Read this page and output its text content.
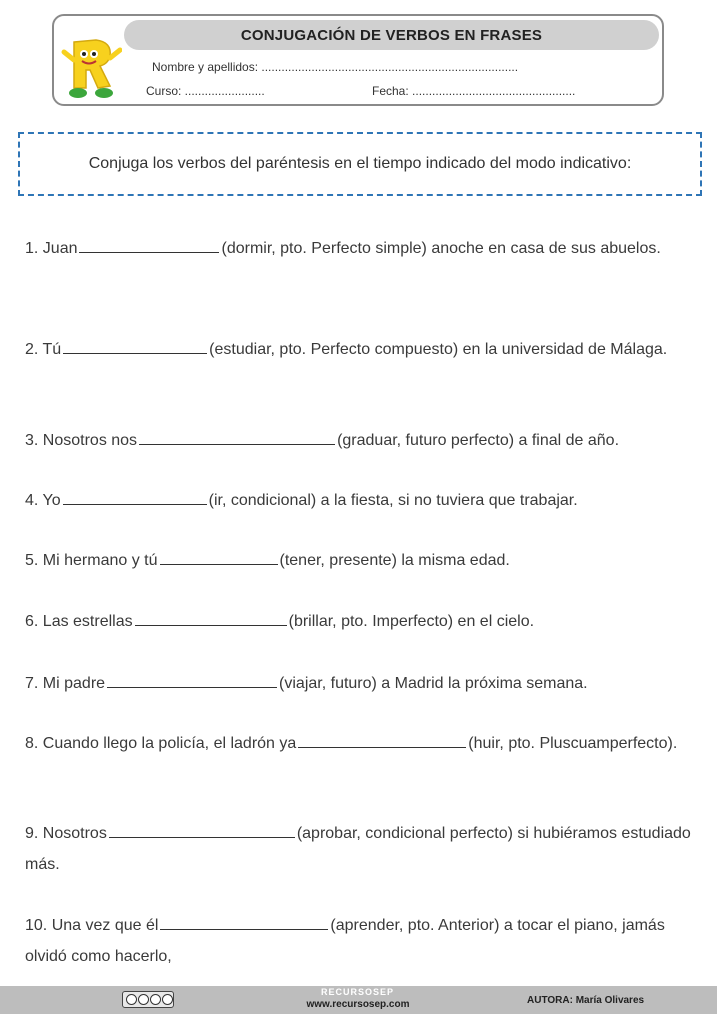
CONJUGACIÓN DE VERBOS EN FRASES
Nombre y apellidos: .............................................................................
Curso: ........................	Fecha: .................................................
Conjuga los verbos del paréntesis en el tiempo indicado del modo indicativo:
1. Juan	(dormir, pto. Perfecto simple) anoche en casa de sus abuelos.
2. Tú	(estudiar, pto. Perfecto compuesto) en la universidad de Málaga.
3. Nosotros nos	(graduar, futuro perfecto) a final de año.
4. Yo	(ir, condicional) a la fiesta, si no tuviera que trabajar.
5. Mi hermano y tú	(tener, presente) la misma edad.
6. Las estrellas	(brillar, pto. Imperfecto) en el cielo.
7. Mi padre	(viajar, futuro) a Madrid la próxima semana.
8. Cuando llego la policía, el ladrón ya	(huir, pto. Pluscuamperfecto).
9. Nosotros	(aprobar, condicional perfecto) si hubiéramos estudiado más.
10. Una vez que él	(aprender, pto. Anterior) a tocar el piano, jamás olvidó como hacerlo,
RECURSOSEP
www.recursosep.com	AUTORA: María Olivares
